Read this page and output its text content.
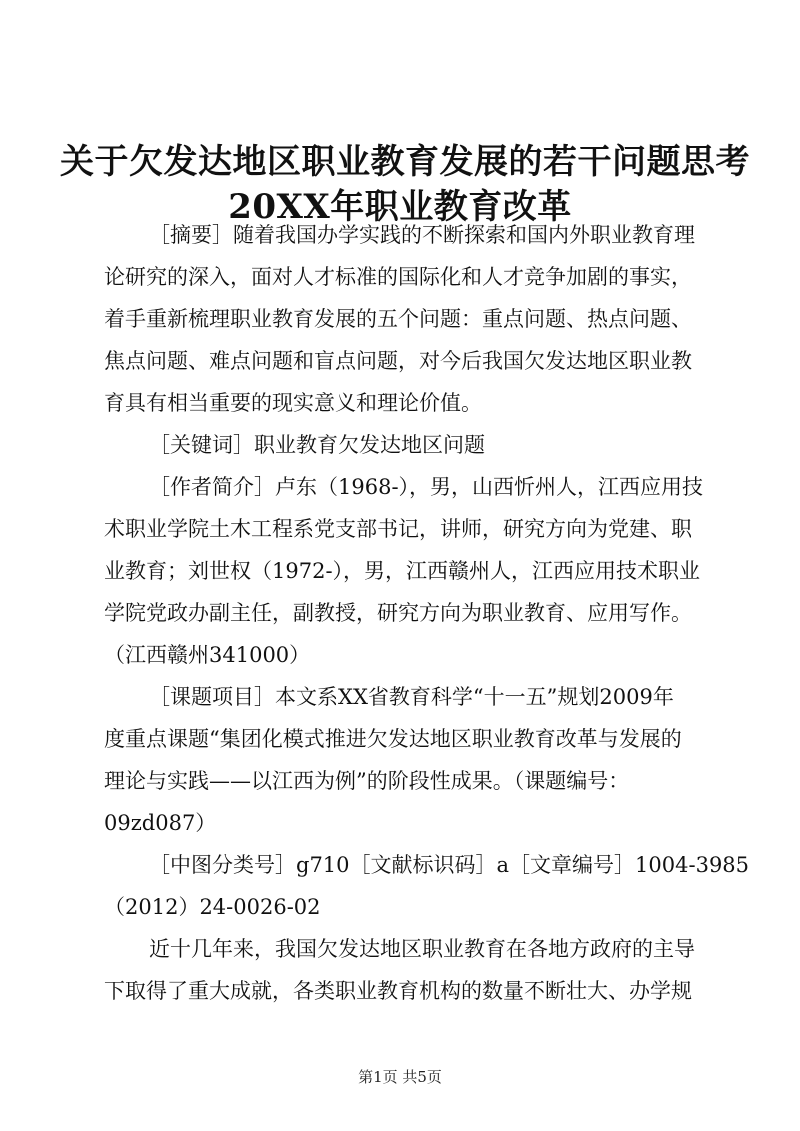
关于欠发达地区职业教育发展的若干问题思考
20XX年职业教育改革
［摘要］随着我国办学实践的不断探索和国内外职业教育理
论研究的深入，面对人才标准的国际化和人才竞争加剧的事实，
着手重新梳理职业教育发展的五个问题：重点问题、热点问题、
焦点问题、难点问题和盲点问题，对今后我国欠发达地区职业教
育具有相当重要的现实意义和理论价值。
［关键词］职业教育欠发达地区问题
［作者简介］卢东（1968-），男，山西忻州人，江西应用技
术职业学院土木工程系党支部书记，讲师，研究方向为党建、职
业教育；刘世权（1972-），男，江西赣州人，江西应用技术职业
学院党政办副主任，副教授，研究方向为职业教育、应用写作。
（江西赣州341000）
［课题项目］本文系XX省教育科学“十一五”规划2009年
度重点课题“集团化模式推进欠发达地区职业教育改革与发展的
理论与实践——以江西为例”的阶段性成果。（课题编号：
09zd087）
［中图分类号］g710［文献标识码］a［文章编号］1004-3985
（2012）24-0026-02
近十几年来，我国欠发达地区职业教育在各地方政府的主导
下取得了重大成就，各类职业教育机构的数量不断壮大、办学规
第1页 共5页
